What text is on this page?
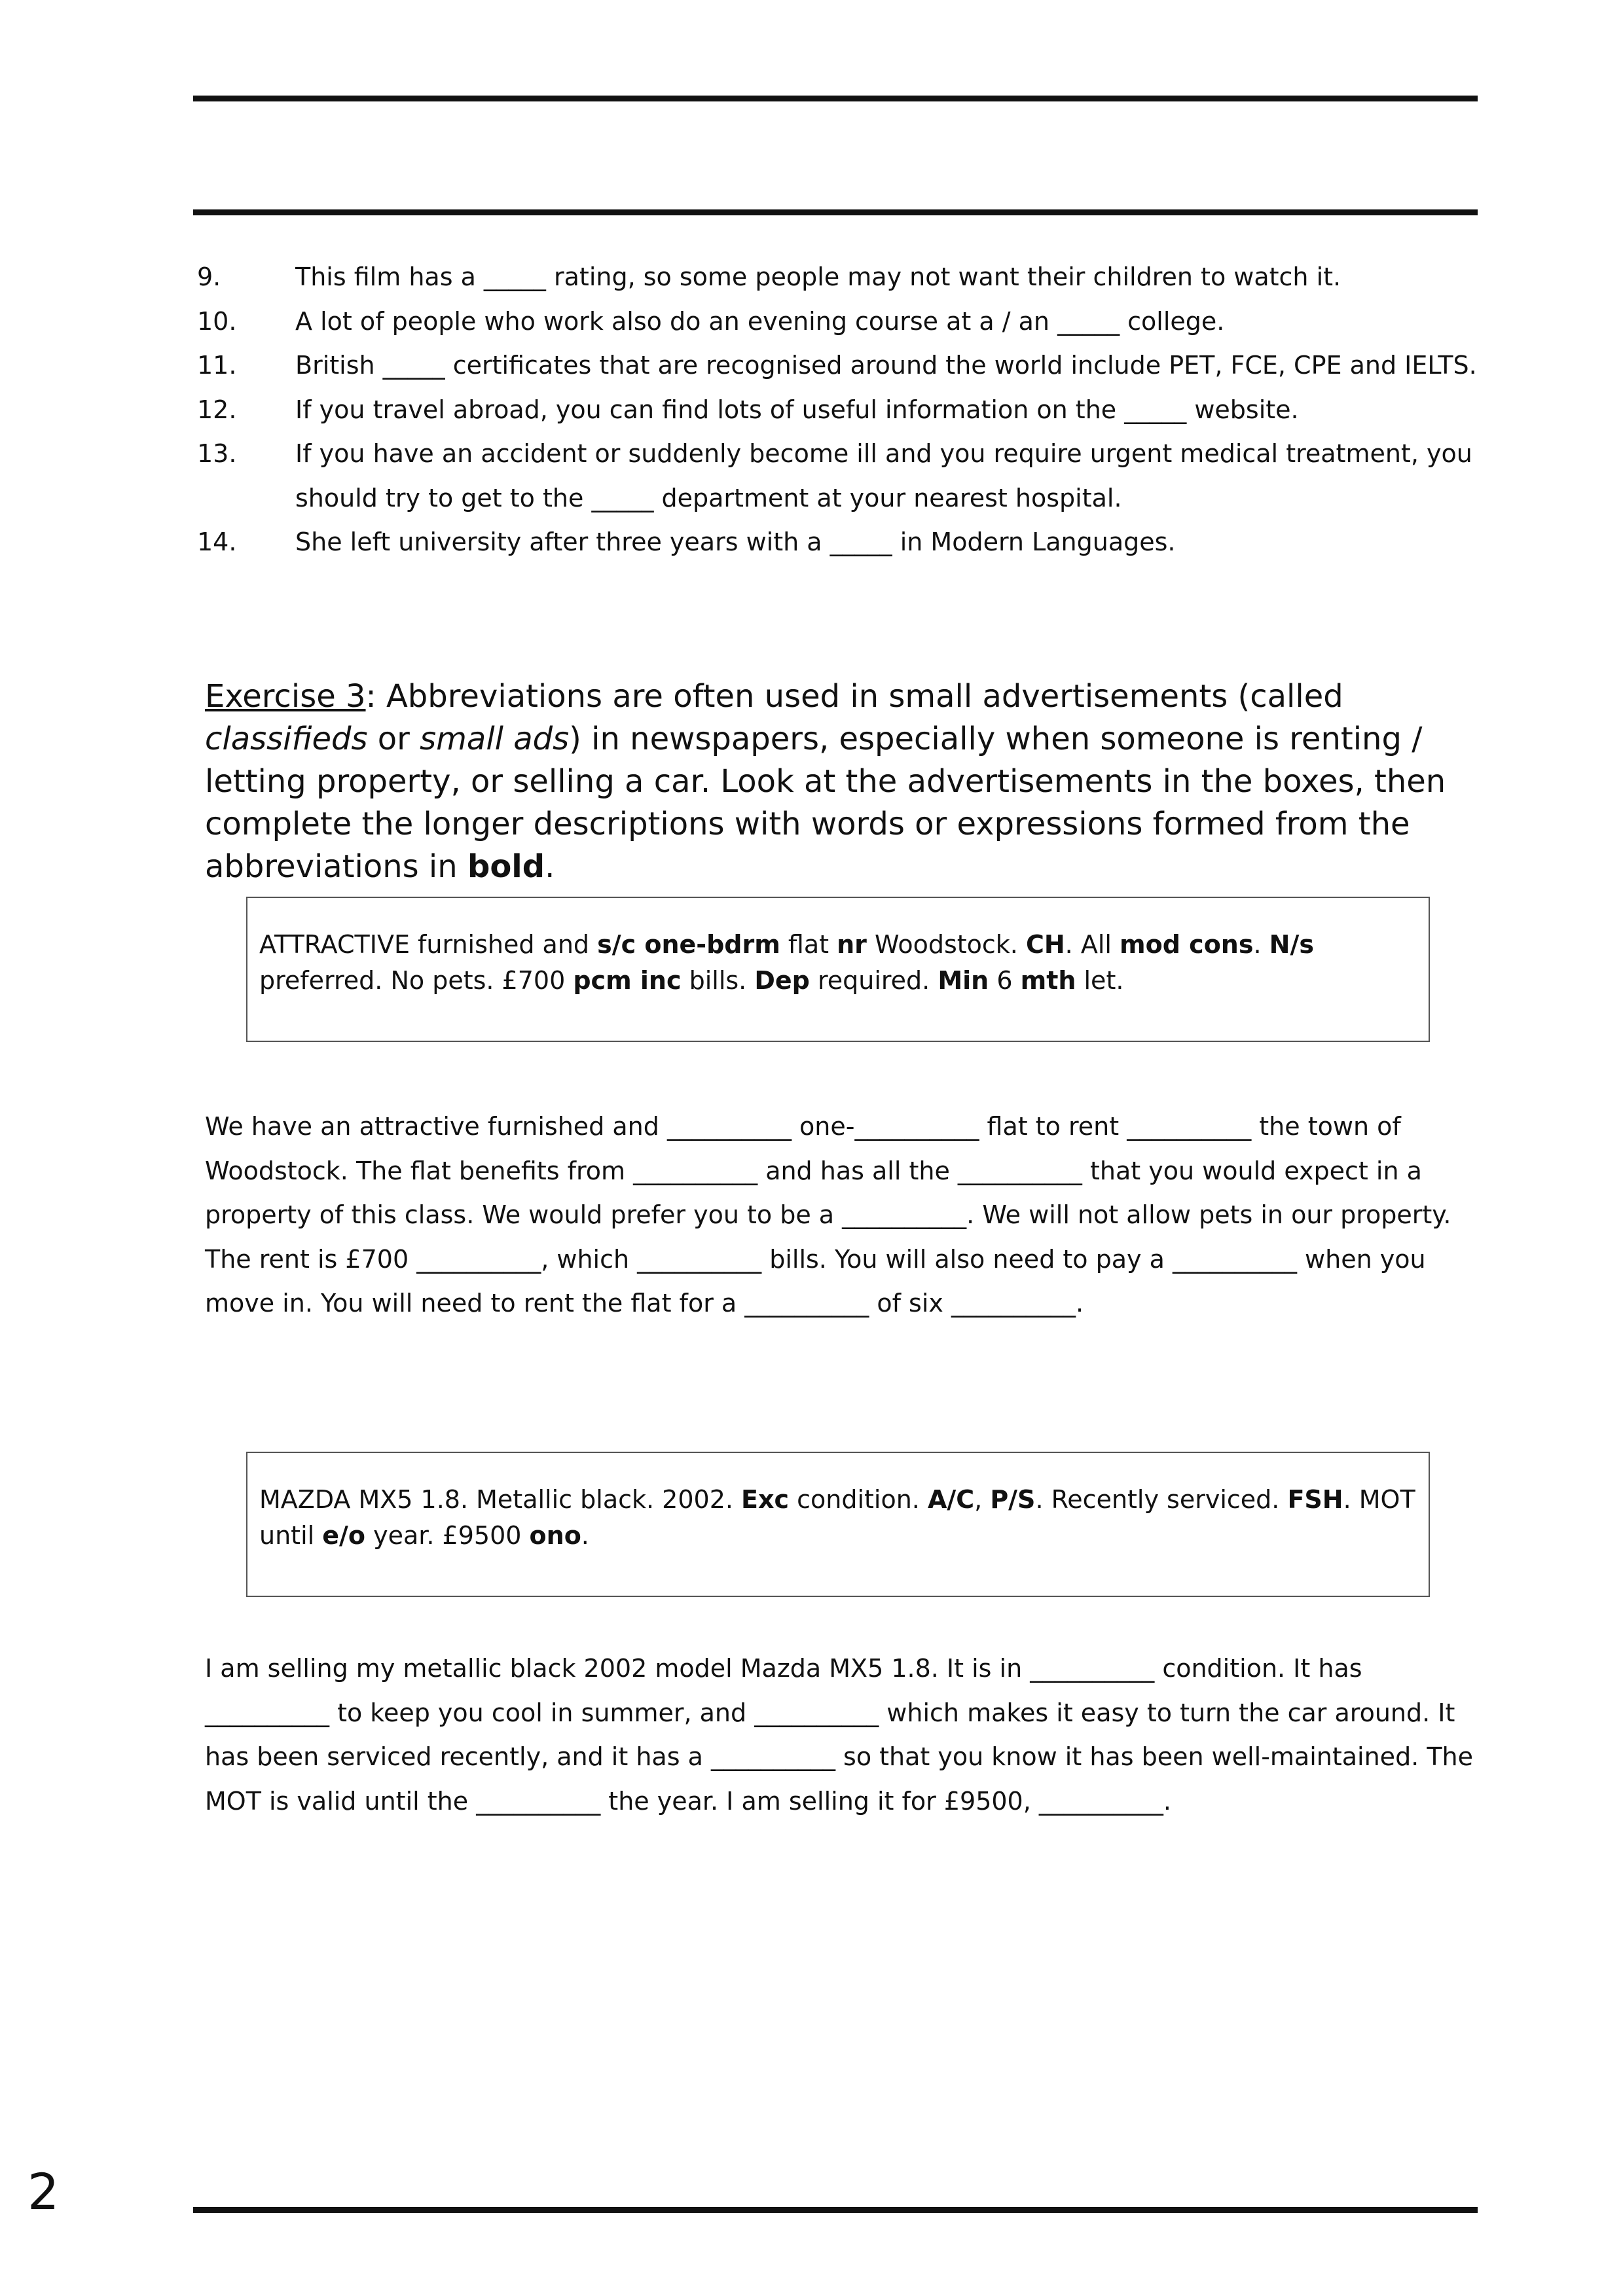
9.	This film has a _____ rating, so some people may not want their children to watch it.
10.	A lot of people who work also do an evening course at a / an _____ college.
11.	British _____ certificates that are recognised around the world include PET, FCE, CPE and IELTS.
12.	If you travel abroad, you can find lots of useful information on the _____ website.
13.	If you have an accident or suddenly become ill and you require urgent medical treatment, you should try to get to the _____ department at your nearest hospital.
14.	She left university after three years with a _____ in Modern Languages.
Exercise 3: Abbreviations are often used in small advertisements (called classifieds or small ads) in newspapers, especially when someone is renting / letting property, or selling a car. Look at the advertisements in the boxes, then complete the longer descriptions with words or expressions formed from the abbreviations in bold.
ATTRACTIVE furnished and s/c one-bdrm flat nr Woodstock. CH. All mod cons. N/s preferred. No pets. £700 pcm inc bills. Dep required. Min 6 mth let.
We have an attractive furnished and __________ one-__________ flat to rent __________ the town of Woodstock. The flat benefits from __________ and has all the __________ that you would expect in a property of this class. We would prefer you to be a __________. We will not allow pets in our property. The rent is £700 __________, which __________ bills. You will also need to pay a __________ when you move in. You will need to rent the flat for a __________ of six __________.
MAZDA MX5 1.8. Metallic black. 2002. Exc condition. A/C, P/S. Recently serviced. FSH. MOT until e/o year. £9500 ono.
I am selling my metallic black 2002 model Mazda MX5 1.8. It is in __________ condition. It has __________ to keep you cool in summer, and __________ which makes it easy to turn the car around. It has been serviced recently, and it has a __________ so that you know it has been well-maintained. The MOT is valid until the __________ the year. I am selling it for £9500, __________.
2
